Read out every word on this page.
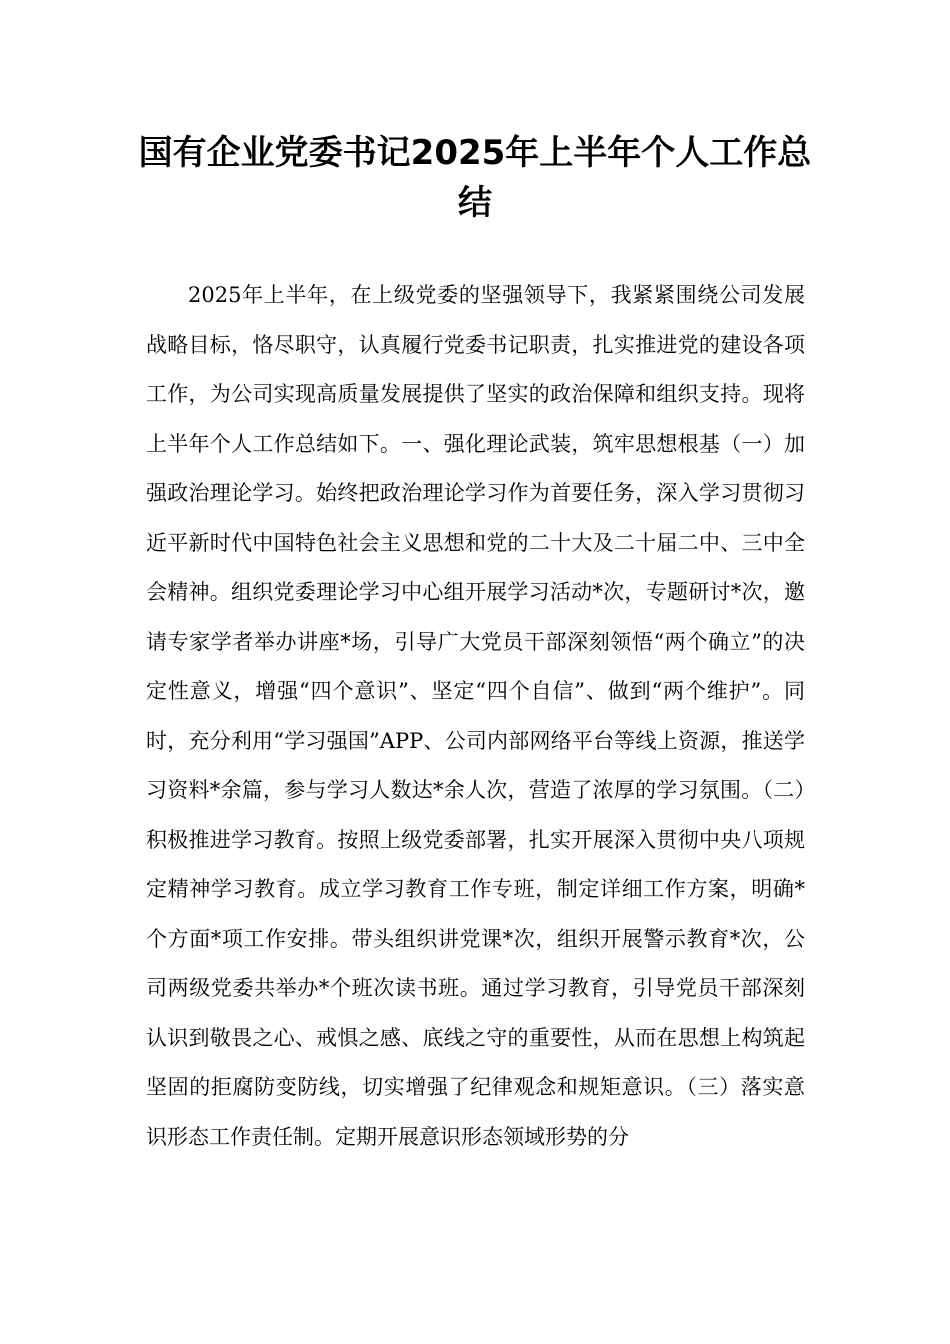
国有企业党委书记2025年上半年个人工作总结

2025年上半年，在上级党委的坚强领导下，我紧紧围绕公司发展战略目标，恪尽职守，认真履行党委书记职责，扎实推进党的建设各项工作，为公司实现高质量发展提供了坚实的政治保障和组织支持。现将上半年个人工作总结如下。一、强化理论武装，筑牢思想根基（一）加强政治理论学习。始终把政治理论学习作为首要任务，深入学习贯彻习近平新时代中国特色社会主义思想和党的二十大及二十届二中、三中全会精神。组织党委理论学习中心组开展学习活动*次，专题研讨*次，邀请专家学者举办讲座*场，引导广大党员干部深刻领悟“两个确立”的决定性意义，增强“四个意识”、坚定“四个自信”、做到“两个维护”。同时，充分利用“学习强国”APP、公司内部网络平台等线上资源，推送学习资料*余篇，参与学习人数达*余人次，营造了浓厚的学习氛围。（二）积极推进学习教育。按照上级党委部署，扎实开展深入贯彻中央八项规定精神学习教育。成立学习教育工作专班，制定详细工作方案，明确*个方面*项工作安排。带头组织讲党课*次，组织开展警示教育*次，公司两级党委共举办*个班次读书班。通过学习教育，引导党员干部深刻认识到敬畏之心、戒惧之感、底线之守的重要性，从而在思想上构筑起坚固的拒腐防变防线，切实增强了纪律观念和规矩意识。（三）落实意识形态工作责任制。定期开展意识形态领域形势的分
